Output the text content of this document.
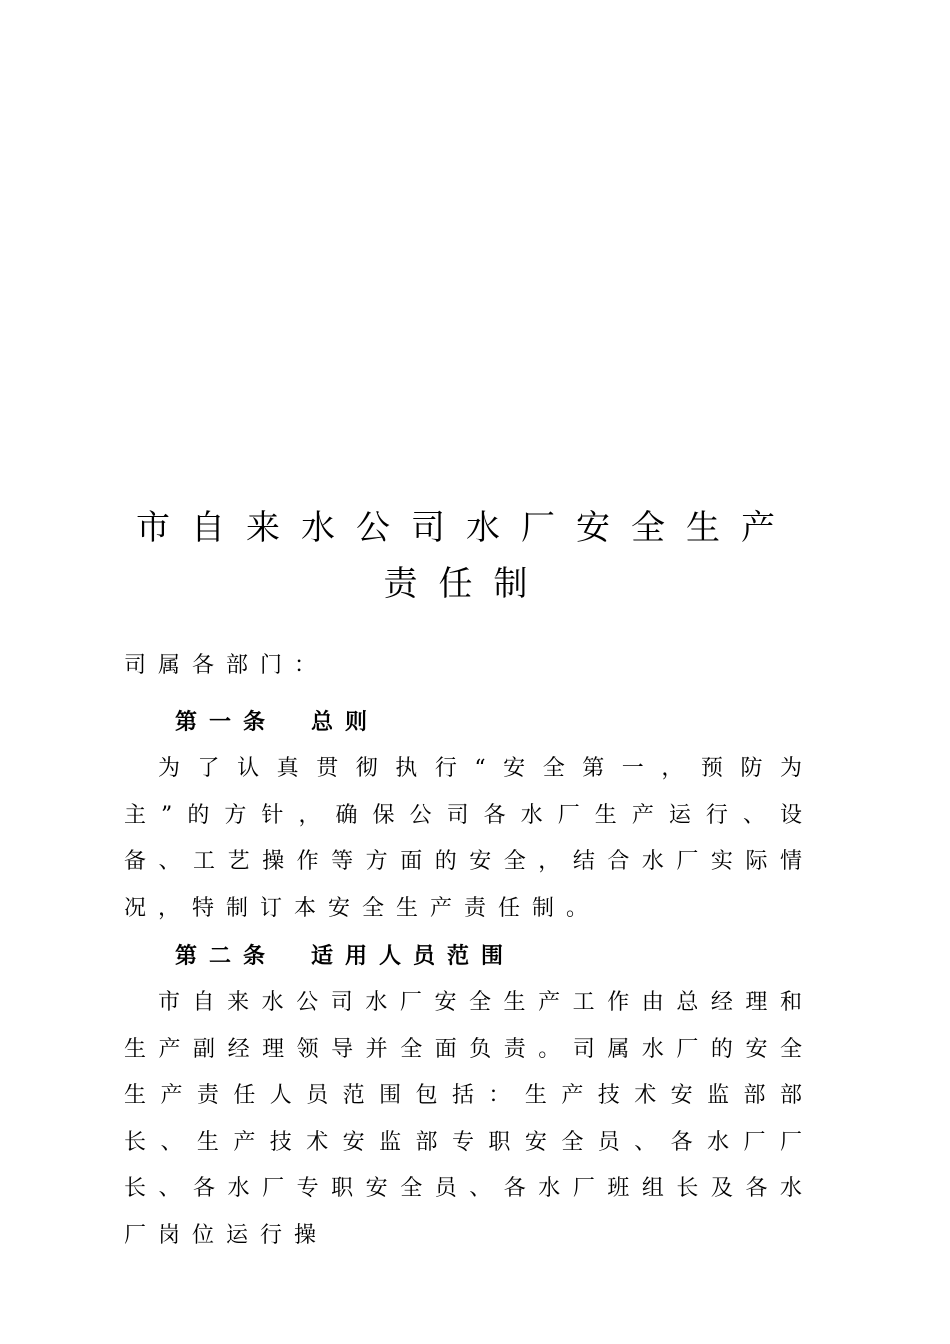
市自来水公司水厂安全生产责任制
司属各部门：
第一条 总则

为了认真贯彻执行“安全第一，预防为主”的方针，确保公司各水厂生产运行、设备、工艺操作等方面的安全，结合水厂实际情况，特制订本安全生产责任制。

第二条 适用人员范围

市自来水公司水厂安全生产工作由总经理和生产副经理领导并全面负责。司属水厂的安全生产责任人员范围包括：生产技术安监部部长、生产技术安监部专职安全员、各水厂厂长、各水厂专职安全员、各水厂班组长及各水厂岗位运行操
